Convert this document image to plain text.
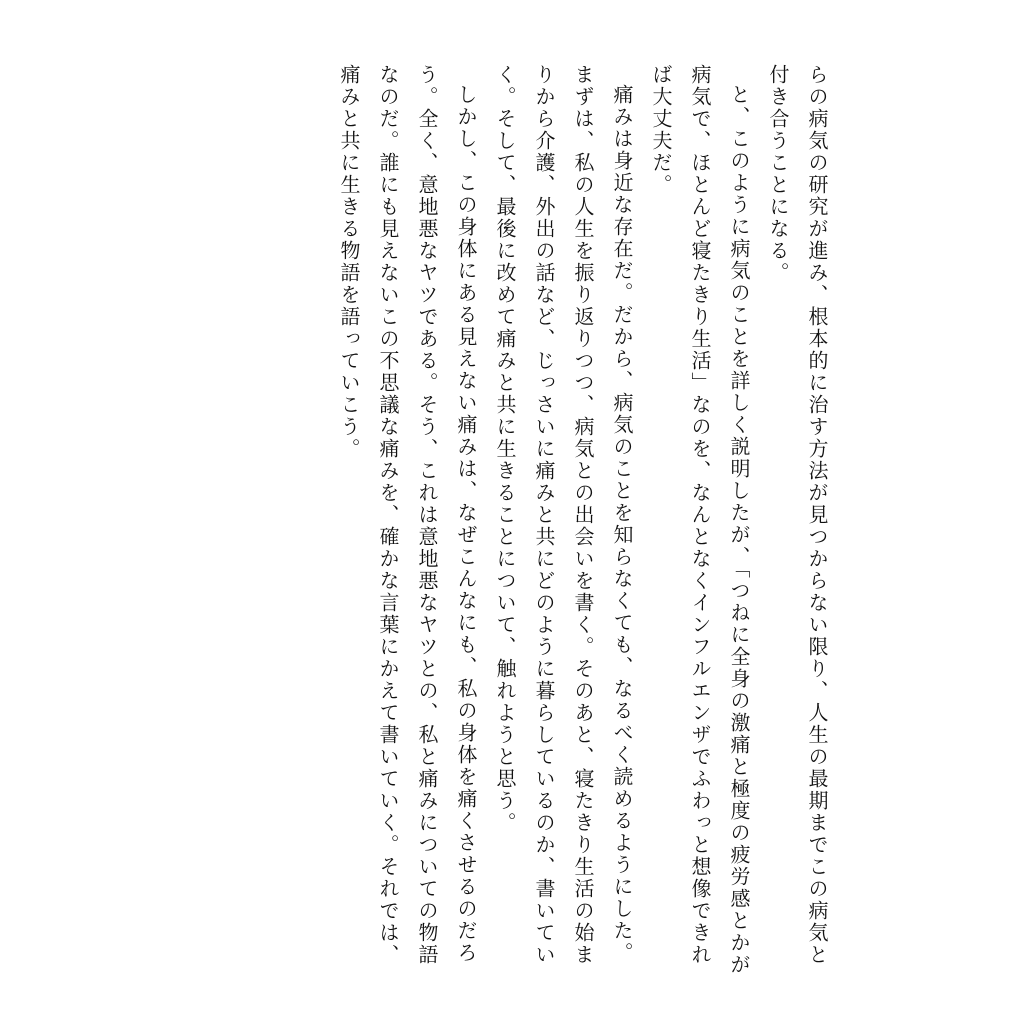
らの病気の研究が進み、根本的に治す方法が見つからない限り、人生の最期までこの病気と付き合うことになる。

と、このように病気のことを詳しく説明したが、「つねに全身の激痛と極度の疲労感とかが病気で、ほとんど寝たきり生活」なのを、なんとなくインフルエンザでふわっと想像できれば大丈夫だ。

痛みは身近な存在だ。だから、病気のことを知らなくても、なるべく読めるようにした。まずは、私の人生を振り返りつつ、病気との出会いを書く。そのあと、寝たきり生活の始まりから介護、外出の話など、じっさいに痛みと共にどのように暮らしているのか、書いていく。そして、最後に改めて痛みと共に生きることについて、触れようと思う。

しかし、この身体にある見えない痛みは、なぜこんなにも、私の身体を痛くさせるのだろう。全く、意地悪なヤツである。そう、これは意地悪なヤツとの、私と痛みについての物語なのだ。誰にも見えないこの不思議な痛みを、確かな言葉にかえて書いていく。それでは、痛みと共に生きる物語を語っていこう。
